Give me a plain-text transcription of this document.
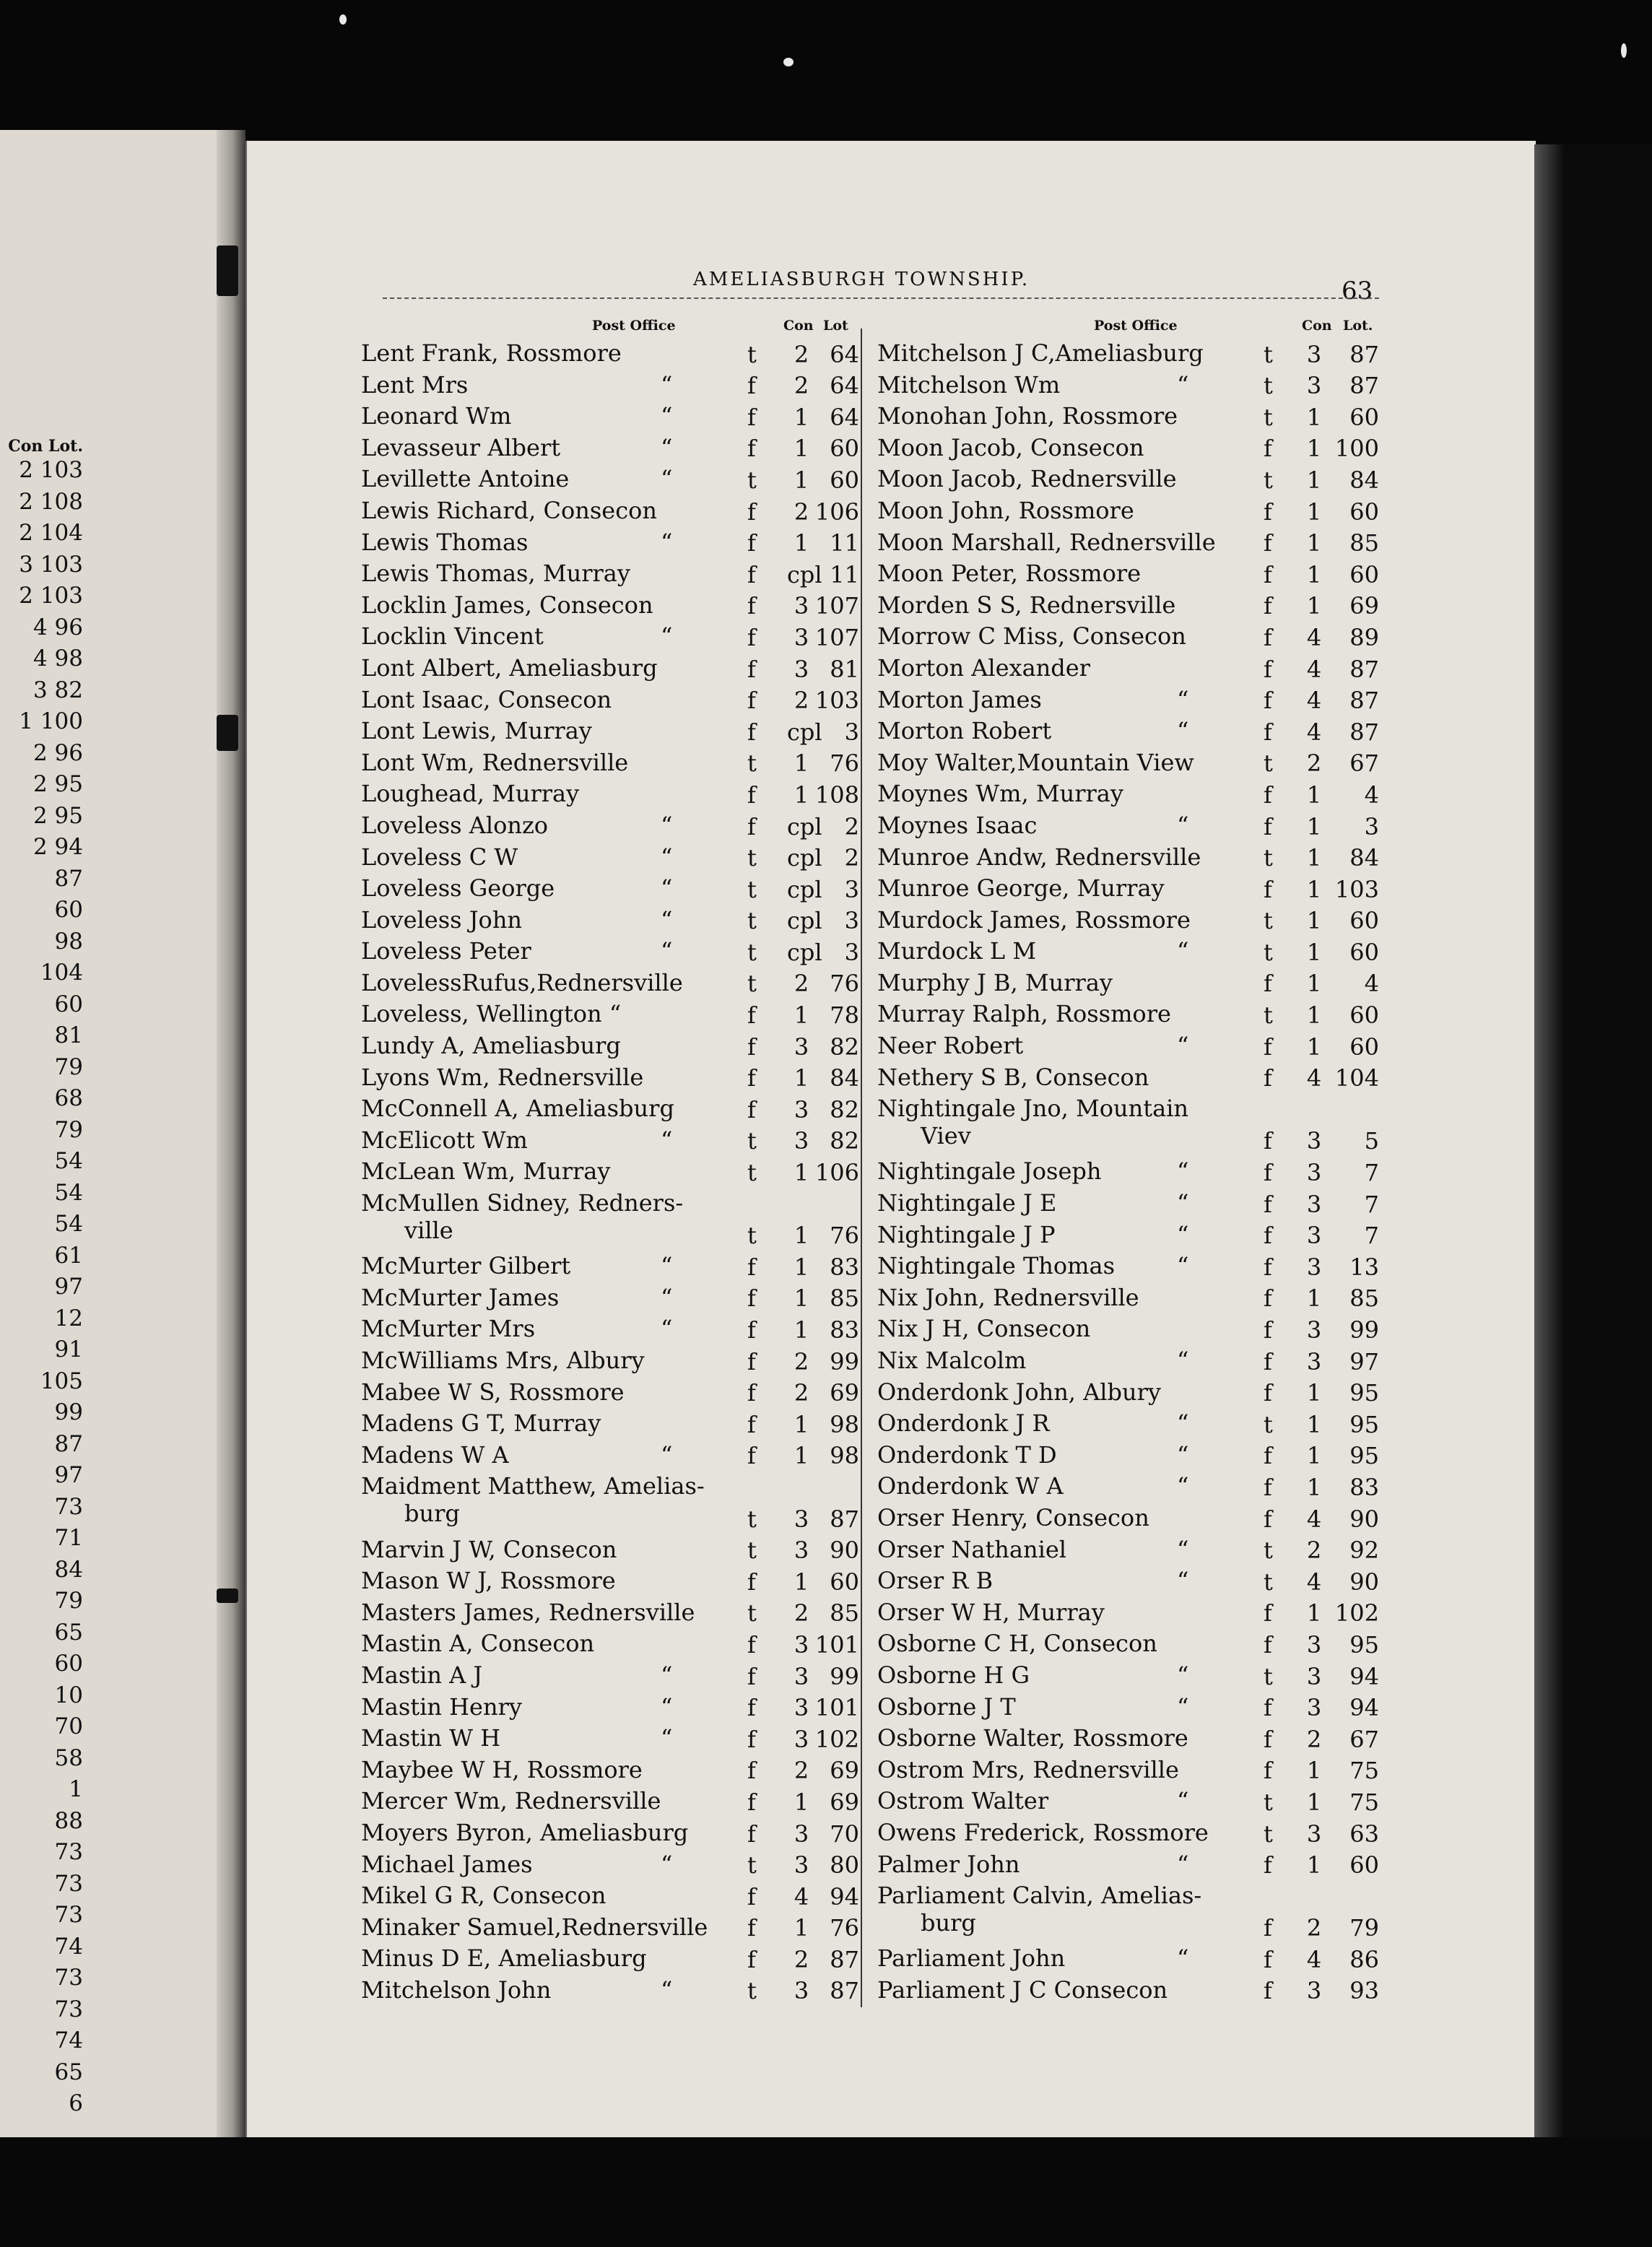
Con Lot.
2 103
2 108
2 104
3 103
2 103
4 96
4 98
3 82
1 100
2 96
2 95
2 95
2 94
87
60
98
104
60
81
79
68
79
54
54
54
61
97
12
91
105
99
87
97
73
71
84
79
65
60
10
70
58
1
88
73
73
73
74
73
73
74
65
6
AMELIASBURGH TOWNSHIP.	63
Post Office	Con Lot
Lent Frank, Rossmore	t	2 64
Lent Mrs	“	f	2 64
Leonard Wm	“	f	1 64
Levasseur Albert	“	f	1 60
Levillette Antoine	“	t	1 60
Lewis Richard, Consecon	f	2 106
Lewis Thomas	“	f	1 11
Lewis Thomas, Murray	f	cpl 11
Locklin James, Consecon	f	3 107
Locklin Vincent	“	f	3 107
Lont Albert, Ameliasburg	f	3 81
Lont Isaac, Consecon	f	2 103
Lont Lewis, Murray	f	cpl 3
Lont Wm, Rednersville	t	1 76
Loughead, Murray	f	1 108
Loveless Alonzo	“	f	cpl 2
Loveless C W	“	t	cpl 2
Loveless George	“	t	cpl 3
Loveless John	“	t	cpl 3
Loveless Peter	“	t	cpl 3
LovelessRufus,Rednersville	t	2 76
Loveless, Wellington “	f	1 78
Lundy A, Ameliasburg	f	3 82
Lyons Wm, Rednersville	f	1 84
McConnell A, Ameliasburg	f	3 82
McElicott Wm	“	t	3 82
McLean Wm, Murray	t	1 106
McMullen Sidney, Redners-
ville	t	1 76
McMurter Gilbert	“	f	1 83
McMurter James	“	f	1 85
McMurter Mrs	“	f	1 83
McWilliams Mrs, Albury	f	2 99
Mabee W S, Rossmore	f	2 69
Madens G T, Murray	f	1 98
Madens W A	“	f	1 98
Maidment Matthew, Amelias-
burg	t	3 87
Marvin J W, Consecon	t	3 90
Mason W J, Rossmore	f	1 60
Masters James, Rednersville t	2 85
Mastin A, Consecon	f	3 101
Mastin A J	“	f	3 99
Mastin Henry	“	f	3 101
Mastin W H	“	f	3 102
Maybee W H, Rossmore	f	2 69
Mercer Wm, Rednersville	f	1 69
Moyers Byron, Ameliasburg	f	3 70
Michael James	“	t	3 80
Mikel G R, Consecon	f	4 94
Minaker Samuel,Rednersville f	1 76
Minus D E, Ameliasburg	f	2 87
Mitchelson John	“	t	3 87
Post Office	Con Lot.
Mitchelson J C,Ameliasburg	t	3	87
Mitchelson Wm	“	t	3	87
Monohan John, Rossmore	t	1	60
Moon Jacob, Consecon	f	1 100
Moon Jacob, Rednersville	t	1	84
Moon John, Rossmore	f	1	60
Moon Marshall, Rednersville f	1	85
Moon Peter, Rossmore	f	1	60
Morden S S, Rednersville	f	1	69
Morrow C Miss, Consecon	f	4	89
Morton Alexander	f	4	87
Morton James	“	f	4	87
Morton Robert	“	f	4	87
Moy Walter,Mountain View	t	2	67
Moynes Wm, Murray	f	1	4
Moynes Isaac	“	f	1	3
Munroe Andw, Rednersville	t	1	84
Munroe George, Murray	f	1 103
Murdock James, Rossmore	t	1	60
Murdock L M	“	t	1	60
Murphy J B, Murray	f	1	4
Murray Ralph, Rossmore	t	1	60
Neer Robert	“	f	1	60
Nethery S B, Consecon	f	4 104
Nightingale Jno, Mountain
Viev	f	3	5
Nightingale Joseph	“	f	3	7
Nightingale J E	“	f	3	7
Nightingale J P	“	f	3	7
Nightingale Thomas	“	f	3	13
Nix John, Rednersville	f	1	85
Nix J H, Consecon	f	3	99
Nix Malcolm	“	f	3	97
Onderdonk John, Albury	f	1	95
Onderdonk J R	“	t	1	95
Onderdonk T D	“	f	1	95
Onderdonk W A	“	f	1	83
Orser Henry, Consecon	f	4	90
Orser Nathaniel	“	t	2	92
Orser R B	“	t	4	90
Orser W H, Murray	f	1 102
Osborne C H, Consecon	f	3	95
Osborne H G	“	t	3	94
Osborne J T	“	f	3	94
Osborne Walter, Rossmore	f	2	67
Ostrom Mrs, Rednersville	f	1	75
Ostrom Walter	“	t	1	75
Owens Frederick, Rossmore t	3	63
Palmer John	“	f	1	60
Parliament Calvin, Amelias-
burg	f	2	79
Parliament John	“	f	4	86
Parliament J C Consecon	f	3	93
